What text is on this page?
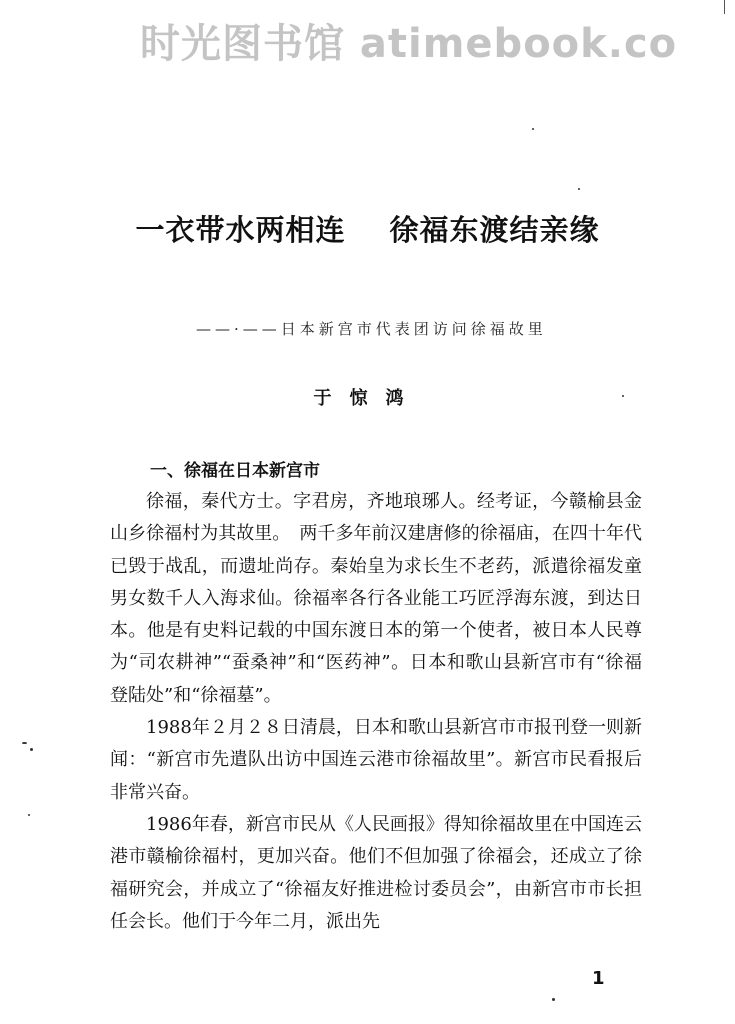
时光图书馆 atimebook.co
一衣带水两相连 徐福东渡结亲缘
——·——日本新宫市代表团访问徐福故里
于惊鸿
一、徐福在日本新宫市

徐福，秦代方士。字君房，齐地琅琊人。经考证，今赣榆县金山乡徐福村为其故里。　两千多年前汉建唐修的徐福庙，在四十年代已毁于战乱，而遗址尚存。秦始皇为求长生不老药，派遣徐福发童男女数千人入海求仙。徐福率各行各业能工巧匠浮海东渡，到达日本。他是有史料记载的中国东渡日本的第一个使者，被日本人民尊为“司农耕神”“蚕桑神”和“医药神”。日本和歌山县新宫市有“徐福登陆处”和“徐福墓”。

1988年２月２８日清晨，日本和歌山县新宫市市报刊登一则新闻：“新宫市先遣队出访中国连云港市徐福故里”。新宫市民看报后非常兴奋。

1986年春，新宫市民从《人民画报》得知徐福故里在中国连云港市赣榆徐福村，更加兴奋。他们不但加强了徐福会，还成立了徐福研究会，并成立了“徐福友好推进检讨委员会”，由新宫市市长担任会长。他们于今年二月，派出先

1
